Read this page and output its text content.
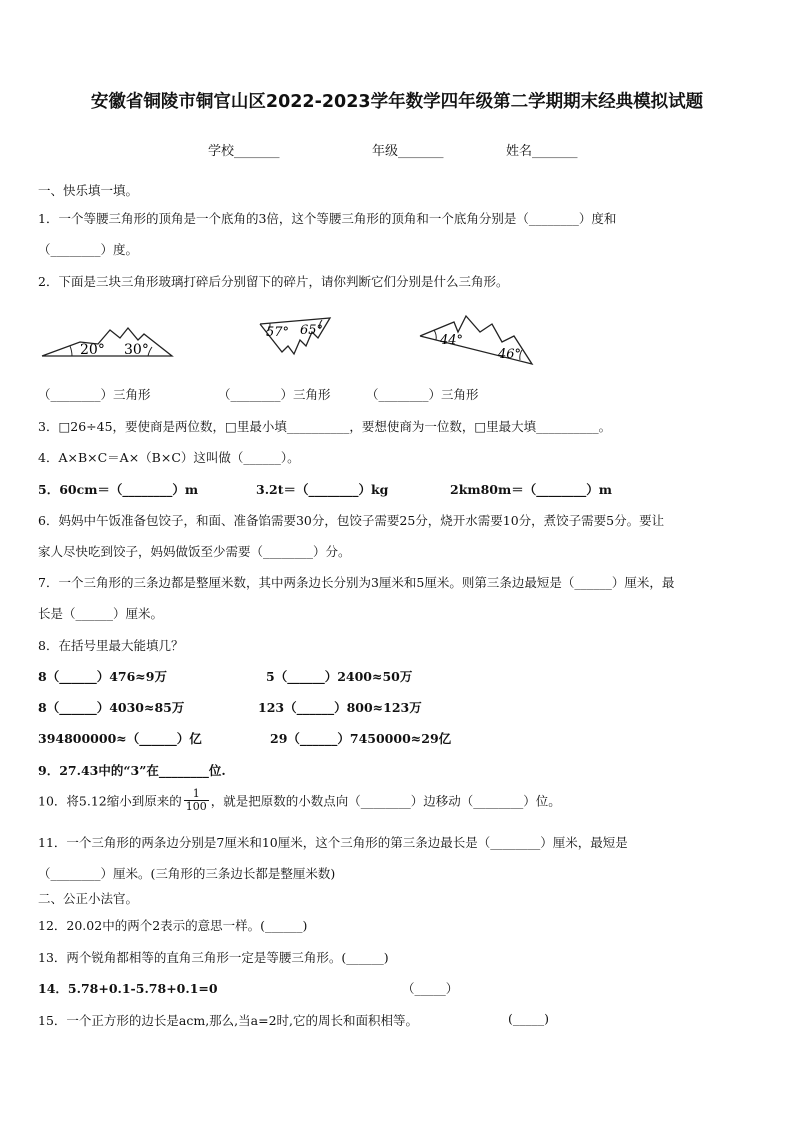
安徽省铜陵市铜官山区2022-2023学年数学四年级第二学期期末经典模拟试题
学校_______	年级_______	姓名_______
一、快乐填一填。
1．一个等腰三角形的顶角是一个底角的3倍，这个等腰三角形的顶角和一个底角分别是（________）度和
（________）度。
2．下面是三块三角形玻璃打碎后分别留下的碎片，请你判断它们分别是什么三角形。
20° 30°
57° 65°
44°
46°
（________）三角形	（________）三角形	（________）三角形
3．□26÷45，要使商是两位数，□里最小填__________，要想使商为一位数，□里最大填__________。
4．A×B×C＝A×（B×C）这叫做（______）。
5．60cm＝（________）m	3.2t＝（________）kg	2km80m＝（________）m
6．妈妈中午饭准备包饺子，和面、准备馅需要30分，包饺子需要25分，烧开水需要10分，煮饺子需要5分。要让
家人尽快吃到饺子，妈妈做饭至少需要（________）分。
7．一个三角形的三条边都是整厘米数，其中两条边长分别为3厘米和5厘米。则第三条边最短是（______）厘米，最
长是（______）厘米。
8．在括号里最大能填几？
8（______）476≈9万	5（______）2400≈50万
8（______）4030≈85万	123（______）800≈123万
394800000≈（______）亿	29（______）7450000≈29亿
9．27.43中的“3”在________位.
10．将5.12缩小到原来的 $\frac{1}{100}$ ，就是把原数的小数点向（________）边移动（________）位。
11．一个三角形的两条边分别是7厘米和10厘米，这个三角形的第三条边最长是（________）厘米，最短是
（________）厘米。(三角形的三条边长都是整厘米数)
二、公正小法官。
12．20.02中的两个2表示的意思一样。(______)
13．两个锐角都相等的直角三角形一定是等腰三角形。(______)
14．5.78+0.1-5.78+0.1=0	（_____）
15．一个正方形的边长是acm,那么,当a=2时,它的周长和面积相等。	(_____)
